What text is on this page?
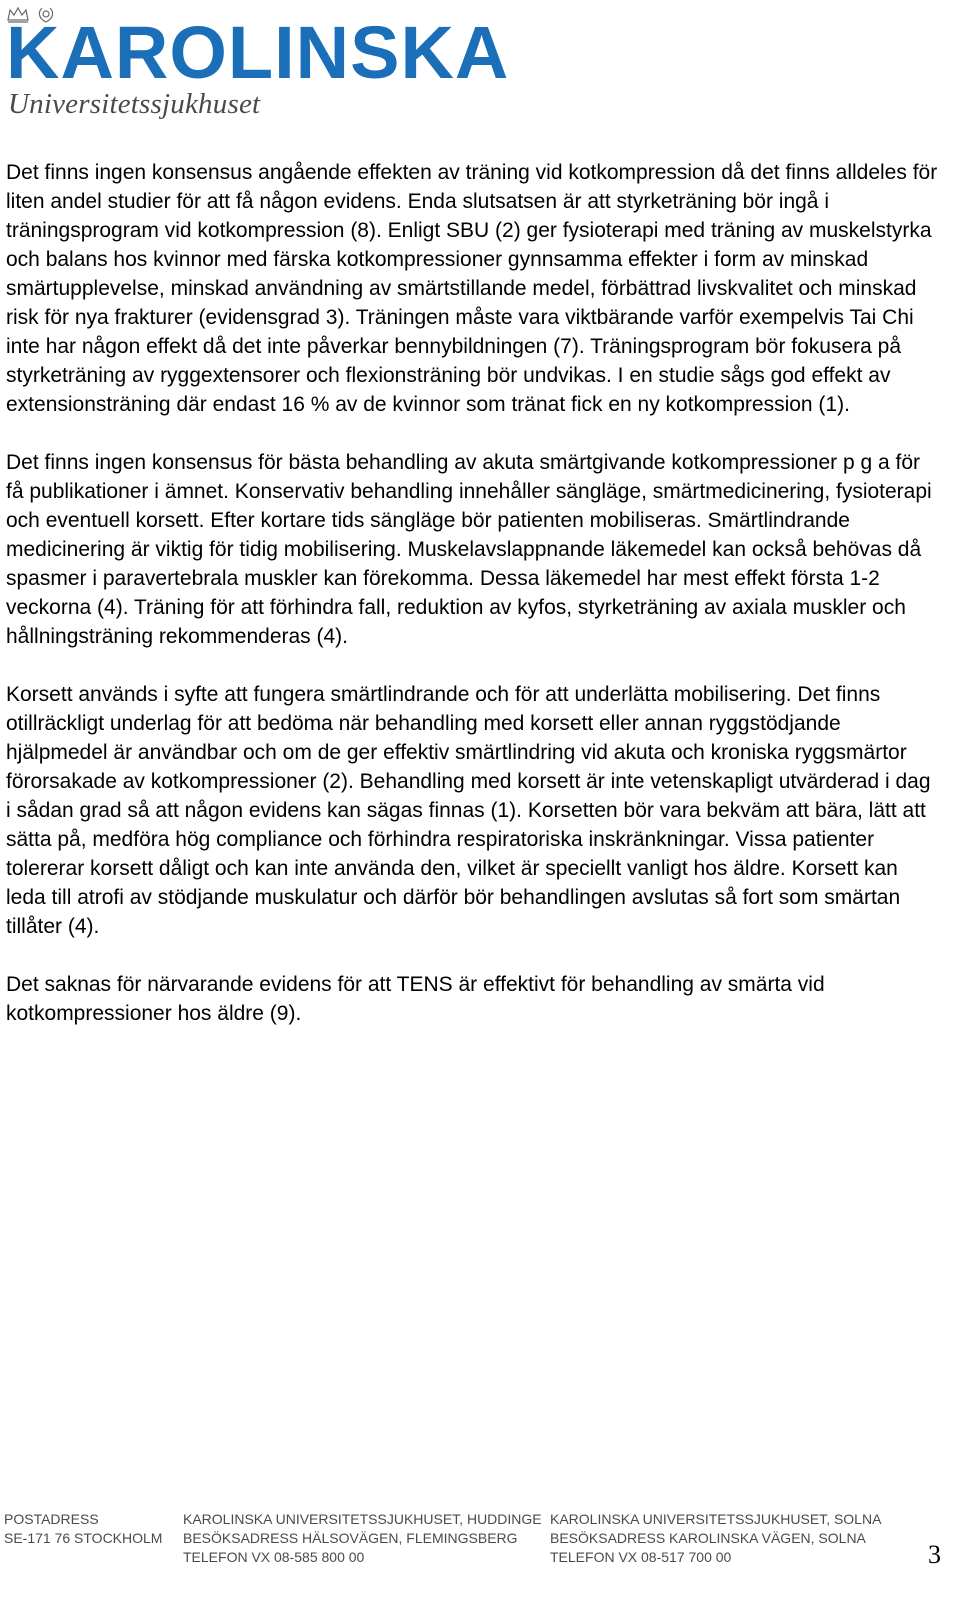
KAROLINSKA
Universitetssjukhuset

Det finns ingen konsensus angående effekten av träning vid kotkompression då det finns alldeles för liten andel studier för att få någon evidens. Enda slutsatsen är att styrketräning bör ingå i träningsprogram vid kotkompression (8). Enligt SBU (2) ger fysioterapi med träning av muskelstyrka och balans hos kvinnor med färska kotkompressioner gynnsamma effekter i form av minskad smärtupplevelse, minskad användning av smärtstillande medel, förbättrad livskvalitet och minskad risk för nya frakturer (evidensgrad 3). Träningen måste vara viktbärande varför exempelvis Tai Chi inte har någon effekt då det inte påverkar bennybildningen (7). Träningsprogram bör fokusera på styrketräning av ryggextensorer och flexionsträning bör undvikas. I en studie sågs god effekt av extensionsträning där endast 16 % av de kvinnor som tränat fick en ny kotkompression (1).

Det finns ingen konsensus för bästa behandling av akuta smärtgivande kotkompressioner p g a för få publikationer i ämnet. Konservativ behandling innehåller sängläge, smärtmedicinering, fysioterapi och eventuell korsett. Efter kortare tids sängläge bör patienten mobiliseras. Smärtlindrande medicinering är viktig för tidig mobilisering. Muskelavslappnande läkemedel kan också behövas då spasmer i paravertebrala muskler kan förekomma. Dessa läkemedel har mest effekt första 1-2 veckorna (4). Träning för att förhindra fall, reduktion av kyfos, styrketräning av axiala muskler och hållningsträning rekommenderas (4).

Korsett används i syfte att fungera smärtlindrande och för att underlätta mobilisering. Det finns otillräckligt underlag för att bedöma när behandling med korsett eller annan ryggstödjande hjälpmedel är användbar och om de ger effektiv smärtlindring vid akuta och kroniska ryggsmärtor förorsakade av kotkompressioner (2). Behandling med korsett är inte vetenskapligt utvärderad i dag i sådan grad så att någon evidens kan sägas finnas (1). Korsetten bör vara bekväm att bära, lätt att sätta på, medföra hög compliance och förhindra respiratoriska inskränkningar. Vissa patienter tolererar korsett dåligt och kan inte använda den, vilket är speciellt vanligt hos äldre. Korsett kan leda till atrofi av stödjande muskulatur och därför bör behandlingen avslutas så fort som smärtan tillåter (4).

Det saknas för närvarande evidens för att TENS är effektivt för behandling av smärta vid kotkompressioner hos äldre (9).

POSTADRESS
SE-171 76 STOCKHOLM
KAROLINSKA UNIVERSITETSSJUKHUSET, HUDDINGE
BESÖKSADRESS HÄLSOVÄGEN, FLEMINGSBERG
TELEFON VX 08-585 800 00
KAROLINSKA UNIVERSITETSSJUKHUSET, SOLNA
BESÖKSADRESS KAROLINSKA VÄGEN, SOLNA
TELEFON VX 08-517 700 00	3
